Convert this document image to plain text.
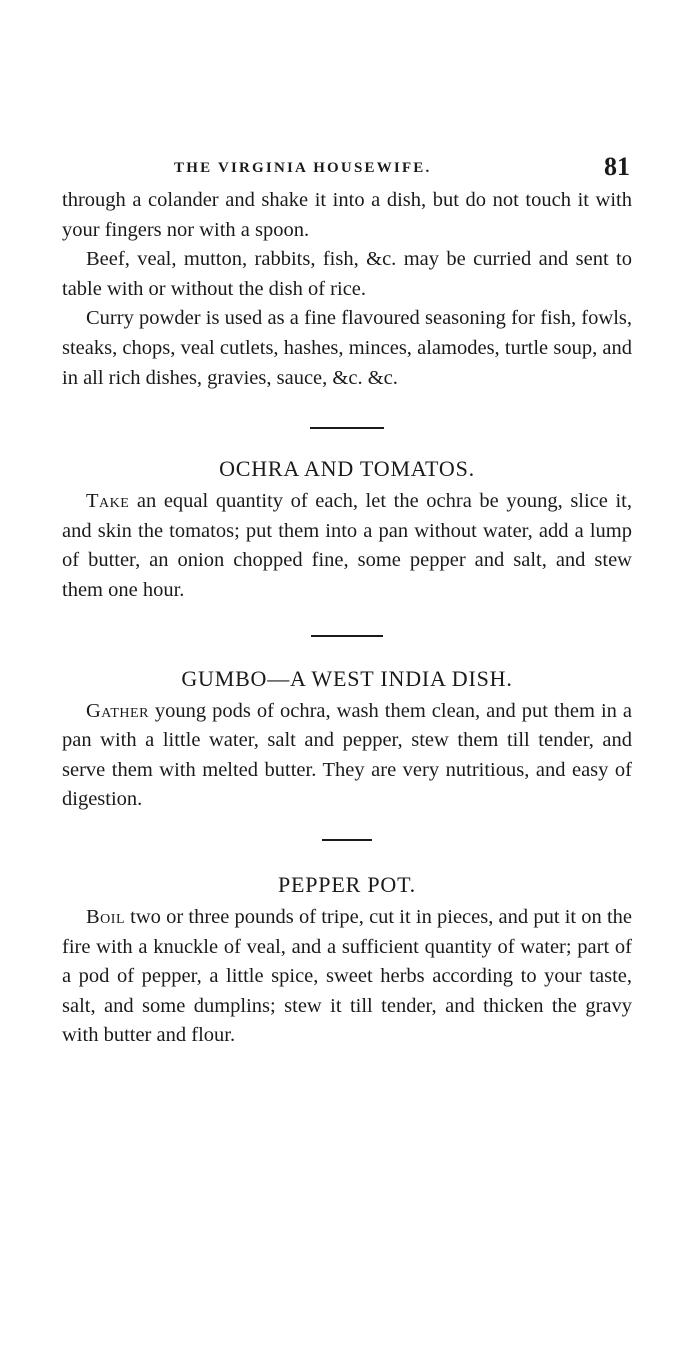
THE VIRGINIA HOUSEWIFE.	81

through a colander and shake it into a dish, but do not touch it with your fingers nor with a spoon.

Beef, veal, mutton, rabbits, fish, &c. may be curried and sent to table with or without the dish of rice.

Curry powder is used as a fine flavoured seasoning for fish, fowls, steaks, chops, veal cutlets, hashes, minces, alamodes, turtle soup, and in all rich dishes, gravies, sauce, &c. &c.

OCHRA AND TOMATOS.

Take an equal quantity of each, let the ochra be young, slice it, and skin the tomatos; put them into a pan without water, add a lump of butter, an onion chopped fine, some pepper and salt, and stew them one hour.

GUMBO—A WEST INDIA DISH.

Gather young pods of ochra, wash them clean, and put them in a pan with a little water, salt and pepper, stew them till tender, and serve them with melted butter. They are very nutritious, and easy of digestion.

PEPPER POT.

Boil two or three pounds of tripe, cut it in pieces, and put it on the fire with a knuckle of veal, and a sufficient quantity of water; part of a pod of pepper, a little spice, sweet herbs according to your taste, salt, and some dumplins; stew it till tender, and thicken the gravy with butter and flour.
